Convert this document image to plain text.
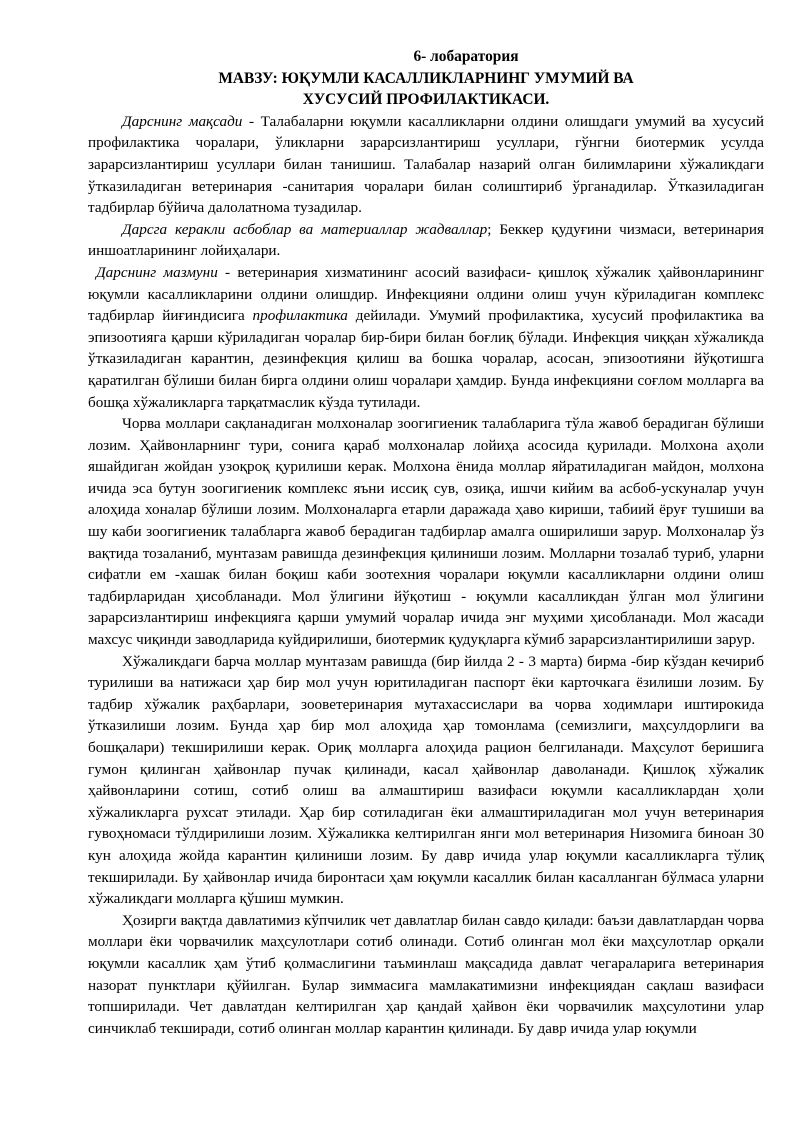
6- лобаратория
МАВЗУ: ЮҚУМЛИ КАСАЛЛИКЛАРНИНГ УМУМИЙ ВА
ХУСУСИЙ ПРОФИЛАКТИКАСИ.

Дарснинг мақсади - Талабаларни юқумли касалликларни олдини олишдаги умумий ва хусусий профилактика чоралари, ўликларни зарарсизлантириш усуллари, гўнгни биотермик усулда зарарсизлантириш усуллари билан танишиш. Талабалар назарий олган билимларини хўжаликдаги ўтказиладиган ветеринария -санитария чоралари билан солиштириб ўрганадилар. Ўтказиладиган тадбирлар бўйича далолатнома тузадилар.

Дарсга керакли асбоблар ва материаллар жадваллар; Беккер қудуғини чизмаси, ветеринария иншоатларининг лойиҳалари.

Дарснинг мазмуни - ветеринария хизматининг асосий вазифаси- қишлоқ хўжалик ҳайвонларининг юқумли касалликларини олдини олишдир. Инфекцияни олдини олиш учун кўриладиган комплекс тадбирлар йиғиндисига профилактика дейилади. Умумий профилактика, хусусий профилактика ва эпизоотияга қарши кўриладиган чоралар бир-бири билан боғлиқ бўлади. Инфекция чиққан хўжаликда ўтказиладиган карантин, дезинфекция қилиш ва бошка чоралар, асосан, эпизоотияни йўқотишга қаратилган бўлиши билан бирга олдини олиш чоралари ҳамдир. Бунда инфекцияни соғлом молларга ва бошқа хўжаликларга тарқатмаслик кўзда тутилади.

Чорва моллари сақланадиган молхоналар зоогигиеник талабларига тўла жавоб берадиган бўлиши лозим. Ҳайвонларнинг тури, сонига қараб молхоналар лойиҳа асосида қурилади. Молхона аҳоли яшайдиган жойдан узоқроқ қурилиши керак. Молхона ёнида моллар яйратиладиган майдон, молхона ичида эса бутун зоогигиеник комплекс яъни иссиқ сув, озиқа, ишчи кийим ва асбоб-ускуналар учун алоҳида хоналар бўлиши лозим. Молхоналарга етарли даражада ҳаво кириши, табиий ёруғ тушиши ва шу каби зоогигиеник талабларга жавоб берадиган тадбирлар амалга оширилиши зарур. Молхоналар ўз вақтида тозаланиб, мунтазам равишда дезинфекция қилиниши лозим. Молларни тозалаб туриб, уларни сифатли ем -хашак билан боқиш каби зоотехния чоралари юқумли касалликларни олдини олиш тадбирларидан ҳисобланади. Мол ўлигини йўқотиш - юқумли касалликдан ўлган мол ўлигини зарарсизлантириш инфекцияга қарши умумий чоралар ичида энг муҳими ҳисобланади. Мол жасади махсус чиқинди заводларида куйдирилиши, биотермик қудуқларга кўмиб зарарсизлантирилиши зарур.

Хўжаликдаги барча моллар мунтазам равишда (бир йилда 2 - 3 марта) бирма -бир кўздан кечириб турилиши ва натижаси ҳар бир мол учун юритиладиган паспорт ёки карточкага ёзилиши лозим. Бу тадбир хўжалик раҳбарлари, зооветеринария мутахассислари ва чорва ходимлари иштирокида ўтказилиши лозим. Бунда ҳар бир мол алоҳида ҳар томонлама (семизлиги, маҳсулдорлиги ва бошқалари) текширилиши керак. Ориқ молларга алоҳида рацион белгиланади. Маҳсулот беришига гумон қилинган ҳайвонлар пучак қилинади, касал ҳайвонлар даволанади. Қишлоқ хўжалик ҳайвонларини сотиш, сотиб олиш ва алмаштириш вазифаси юқумли касалликлардан ҳоли хўжаликларга рухсат этилади. Ҳар бир сотиладиган ёки алмаштириладиган мол учун ветеринария гувоҳномаси тўлдирилиши лозим. Хўжаликка келтирилган янги мол ветеринария Низомига биноан 30 кун алоҳида жойда карантин қилиниши лозим. Бу давр ичида улар юқумли касалликларга тўлиқ текширилади. Бу ҳайвонлар ичида биронтаси ҳам юқумли касаллик билан касалланган бўлмаса уларни хўжаликдаги молларга қўшиш мумкин.

Ҳозирги вақтда давлатимиз кўпчилик чет давлатлар билан савдо қилади: баъзи давлатлардан чорва моллари ёки чорвачилик маҳсулотлари сотиб олинади. Сотиб олинган мол ёки маҳсулотлар орқали юқумли касаллик ҳам ўтиб қолмаслигини таъминлаш мақсадида давлат чегараларига ветеринария назорат пунктлари қўйилган. Булар зиммасига мамлакатимизни инфекциядан сақлаш вазифаси топширилади. Чет давлатдан келтирилган ҳар қандай ҳайвон ёки чорвачилик маҳсулотини улар синчиклаб текширади, сотиб олинган моллар карантин қилинади. Бу давр ичида улар юқумли
